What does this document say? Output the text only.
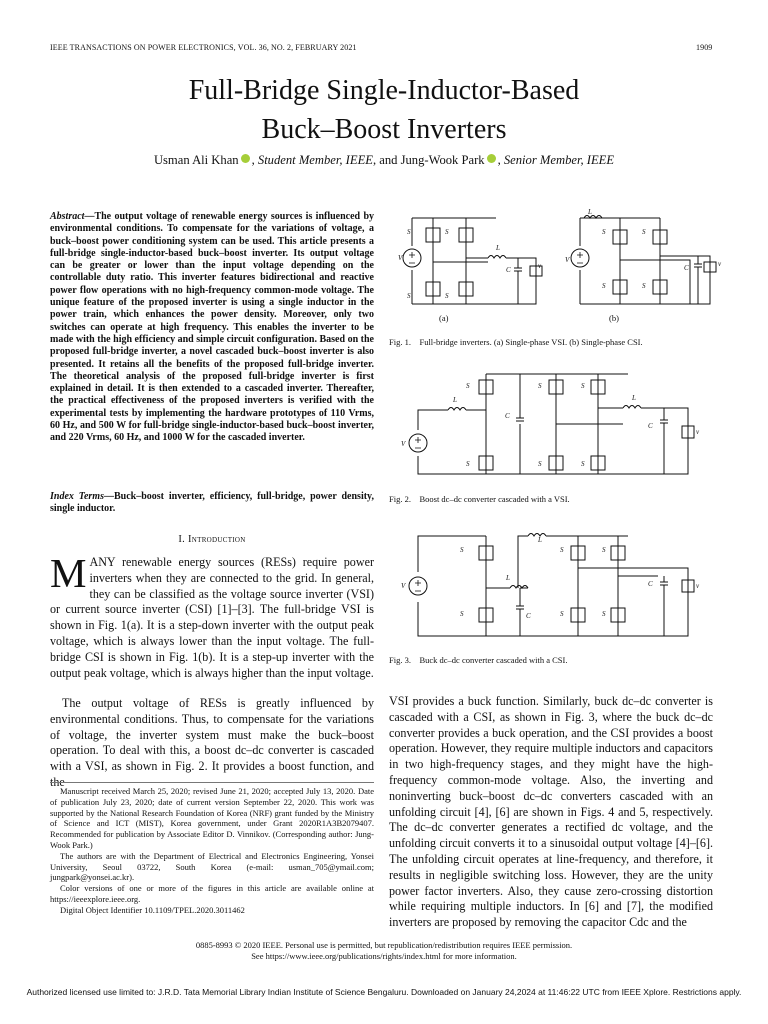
IEEE TRANSACTIONS ON POWER ELECTRONICS, VOL. 36, NO. 2, FEBRUARY 2021	1909
Full-Bridge Single-Inductor-Based
Buck–Boost Inverters
Usman Ali Khan , Student Member, IEEE, and Jung-Wook Park , Senior Member, IEEE
Abstract—The output voltage of renewable energy sources is influenced by environmental conditions. To compensate for the variations of voltage, a buck–boost power conditioning system can be used. This article presents a full-bridge single-inductor-based buck–boost inverter. Its output voltage can be greater or lower than the input voltage depending on the controllable duty ratio. This inverter features bidirectional and reactive power flow operations with no high-frequency common-mode voltage. The unique feature of the proposed inverter is using a single inductor in the power train, which enhances the power density. Moreover, only two switches can operate at high frequency. This enables the inverter to be made with the high efficiency and simple circuit configuration. Based on the proposed full-bridge inverter, a novel cascaded buck–boost inverter is also presented. It retains all the benefits of the proposed full-bridge inverter. The theoretical analysis of the proposed full-bridge inverter is first explained in detail. It is then extended to a cascaded inverter. Thereafter, the practical effectiveness of the proposed inverters is verified with the experimental tests by implementing the hardware prototypes of 110 Vrms, 60 Hz, and 500 W for full-bridge single-inductor-based buck–boost inverter, and 220 Vrms, 60 Hz, and 1000 W for the cascaded inverter.
Index Terms—Buck–boost inverter, efficiency, full-bridge, power density, single inductor.
I. Introduction
MANY renewable energy sources (RESs) require power inverters when they are connected to the grid. In general, they can be classified as the voltage source inverter (VSI) or current source inverter (CSI) [1]–[3]. The full-bridge VSI is shown in Fig. 1(a). It is a step-down inverter with the output peak voltage, which is always lower than the input voltage. The full-bridge CSI is shown in Fig. 1(b). It is a step-up inverter with the output peak voltage, which is always higher than the input voltage.
The output voltage of RESs is greatly influenced by environmental conditions. Thus, to compensate for the variations of voltage, the inverter system must make the buck–boost operation. To deal with this, a boost dc–dc converter is cascaded with a VSI, as shown in Fig. 2. It provides a boost function, and the
Manuscript received March 25, 2020; revised June 21, 2020; accepted July 13, 2020. Date of publication July 23, 2020; date of current version September 22, 2020. This work was supported by the National Research Foundation of Korea (NRF) grant funded by the Ministry of Science and ICT (MIST), Korea government, under Grant 2020R1A3B2079407. Recommended for publication by Associate Editor D. Vinnikov. (Corresponding author: Jung-Wook Park.)
The authors are with the Department of Electrical and Electronics Engineering, Yonsei University, Seoul 03722, South Korea (e-mail: usman_705@ymail.com; jungpark@yonsei.ac.kr).
Color versions of one or more of the figures in this article are available online at https://ieeexplore.ieee.org.
Digital Object Identifier 10.1109/TPEL.2020.3011462
S	S
S	S
V
L
C	v
L
S	S
S	S
V
C	v
(a)	(b)
Fig. 1.    Full-bridge inverters. (a) Single-phase VSI. (b) Single-phase CSI.
S
S
L
C
S	S
S	S
L
C
v
V
Fig. 2.    Boost dc–dc converter cascaded with a VSI.
S
S
L
C
L
S	S
S	S
C	v
V
Fig. 3.    Buck dc–dc converter cascaded with a CSI.
VSI provides a buck function. Similarly, buck dc–dc converter is cascaded with a CSI, as shown in Fig. 3, where the buck dc–dc converter provides a buck operation, and the CSI provides a boost operation. However, they require multiple inductors and capacitors in two high-frequency stages, and they might have the high-frequency common-mode voltage. Also, the inverting and noninverting buck–boost dc–dc converters cascaded with an unfolding circuit [4], [6] are shown in Figs. 4 and 5, respectively. The dc–dc converter generates a rectified dc voltage, and the unfolding circuit converts it to a sinusoidal output voltage [4]–[6]. The unfolding circuit operates at line-frequency, and therefore, it results in negligible switching loss. However, they are the unity power factor inverters. Also, they cause zero-crossing distortion while requiring multiple inductors. In [6] and [7], the modified inverters are proposed by removing the capacitor Cdc and the
0885-8993 © 2020 IEEE. Personal use is permitted, but republication/redistribution requires IEEE permission.
See https://www.ieee.org/publications/rights/index.html for more information.
Authorized licensed use limited to: J.R.D. Tata Memorial Library Indian Institute of Science Bengaluru. Downloaded on January 24,2024 at 11:46:22 UTC from IEEE Xplore. Restrictions apply.
